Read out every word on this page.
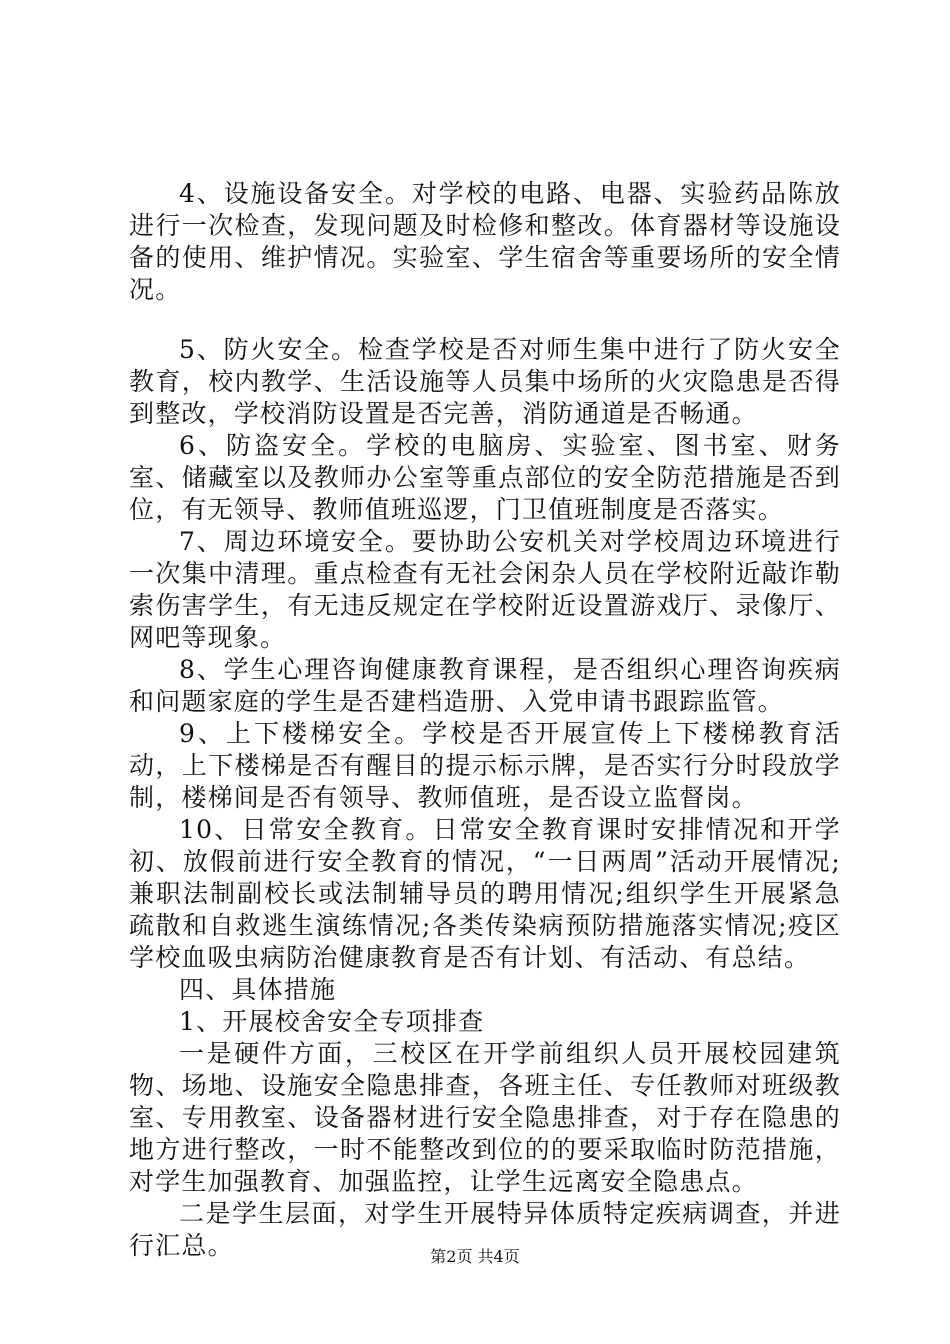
4、设施设备安全。对学校的电路、电器、实验药品陈放进行一次检查，发现问题及时检修和整改。体育器材等设施设备的使用、维护情况。实验室、学生宿舍等重要场所的安全情况。

5、防火安全。检查学校是否对师生集中进行了防火安全教育，校内教学、生活设施等人员集中场所的火灾隐患是否得到整改，学校消防设置是否完善，消防通道是否畅通。

6、防盗安全。学校的电脑房、实验室、图书室、财务室、储藏室以及教师办公室等重点部位的安全防范措施是否到位，有无领导、教师值班巡逻，门卫值班制度是否落实。

7、周边环境安全。要协助公安机关对学校周边环境进行一次集中清理。重点检查有无社会闲杂人员在学校附近敲诈勒索伤害学生，有无违反规定在学校附近设置游戏厅、录像厅、网吧等现象。

8、学生心理咨询健康教育课程，是否组织心理咨询疾病和问题家庭的学生是否建档造册、入党申请书跟踪监管。

9、上下楼梯安全。学校是否开展宣传上下楼梯教育活动，上下楼梯是否有醒目的提示标示牌，是否实行分时段放学制，楼梯间是否有领导、教师值班，是否设立监督岗。

10、日常安全教育。日常安全教育课时安排情况和开学初、放假前进行安全教育的情况，“一日两周”活动开展情况;兼职法制副校长或法制辅导员的聘用情况;组织学生开展紧急疏散和自救逃生演练情况;各类传染病预防措施落实情况;疫区学校血吸虫病防治健康教育是否有计划、有活动、有总结。

四、具体措施

1、开展校舍安全专项排查

一是硬件方面，三校区在开学前组织人员开展校园建筑物、场地、设施安全隐患排查，各班主任、专任教师对班级教室、专用教室、设备器材进行安全隐患排查，对于存在隐患的地方进行整改，一时不能整改到位的的要采取临时防范措施，对学生加强教育、加强监控，让学生远离安全隐患点。

二是学生层面，对学生开展特异体质特定疾病调查，并进行汇总。	第2页 共4页
